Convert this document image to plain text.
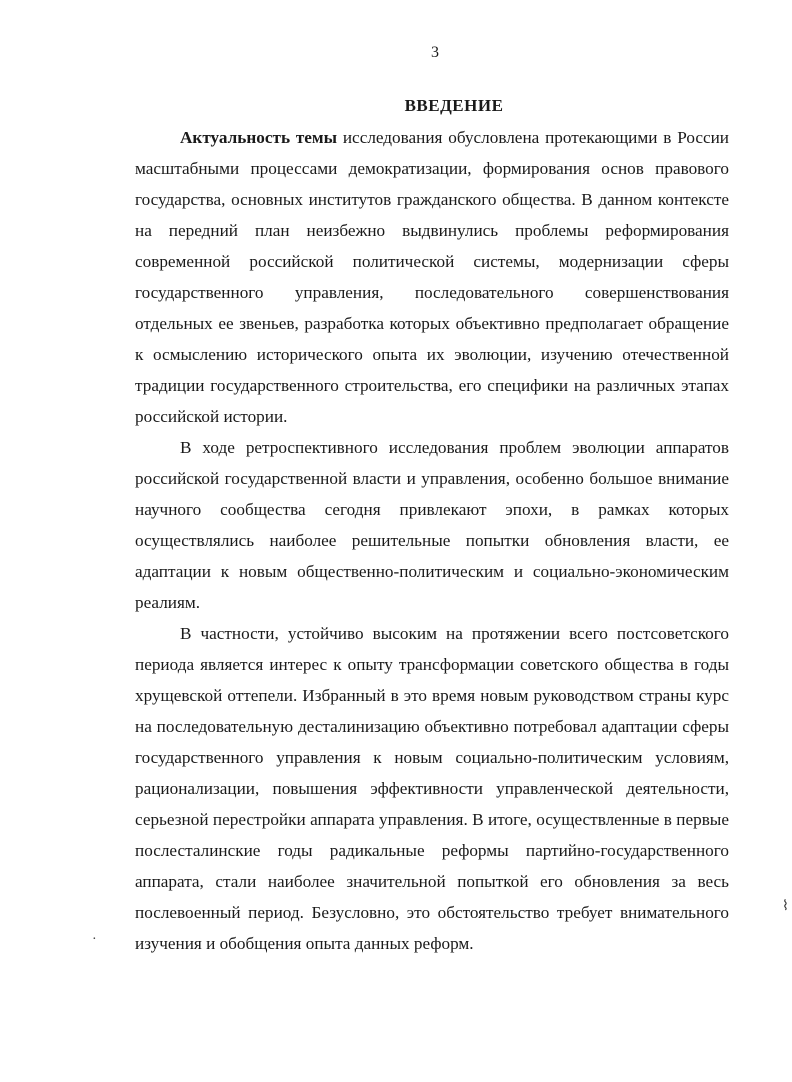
3
ВВЕДЕНИЕ

Актуальность темы исследования обусловлена протекающими в России масштабными процессами демократизации, формирования основ правового государства, основных институтов гражданского общества. В данном контексте на передний план неизбежно выдвинулись проблемы реформирования современной российской политической системы, модернизации сферы государственного управления, последовательного совершенствования отдельных ее звеньев, разработка которых объективно предполагает обращение к осмыслению исторического опыта их эволюции, изучению отечественной традиции государственного строительства, его специфики на различных этапах российской истории.

В ходе ретроспективного исследования проблем эволюции аппаратов российской государственной власти и управления, особенно большое внимание научного сообщества сегодня привлекают эпохи, в рамках которых осуществлялись наиболее решительные попытки обновления власти, ее адаптации к новым общественно-политическим и социально-экономическим реалиям.

В частности, устойчиво высоким на протяжении всего постсоветского периода является интерес к опыту трансформации советского общества в годы хрущевской оттепели. Избранный в это время новым руководством страны курс на последовательную десталинизацию объективно потребовал адаптации сферы государственного управления к новым социально-политическим условиям, рационализации, повышения эффективности управленческой деятельности, серьезной перестройки аппарата управления. В итоге, осуществленные в первые послесталинские годы радикальные реформы партийно-государственного аппарата, стали наиболее значительной попыткой его обновления за весь послевоенный период. Безусловно, это обстоятельство требует внимательного изучения и обобщения опыта данных реформ.

⌇
·
